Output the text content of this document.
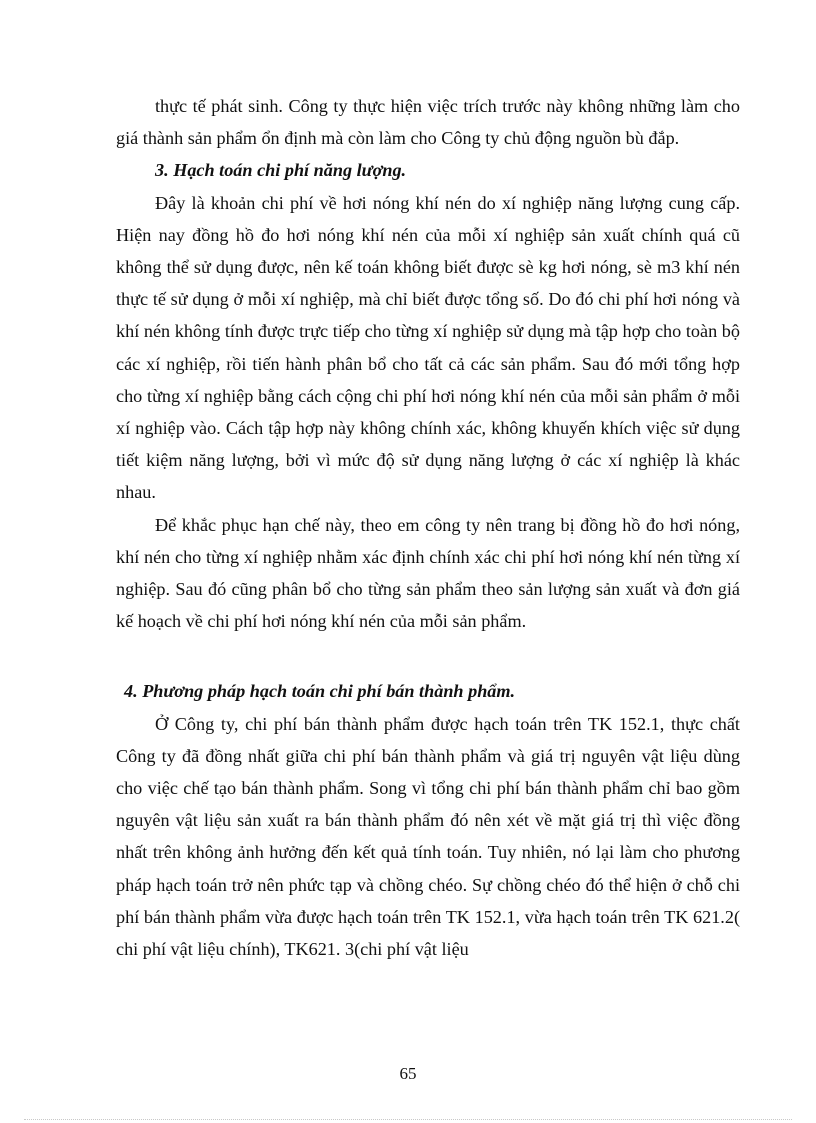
thực tế phát sinh. Công ty thực hiện việc trích trước này không những làm cho giá thành sản phẩm ổn định mà còn làm cho Công ty chủ động nguồn bù đắp.

3. Hạch toán chi phí năng lượng.

Đây là khoản chi phí về hơi nóng khí nén do xí nghiệp năng lượng cung cấp. Hiện nay đồng hồ đo hơi nóng khí nén của mỗi xí nghiệp sản xuất chính quá cũ không thể sử dụng được, nên kế toán không biết được sè kg hơi nóng, sè m3 khí nén thực tế sử dụng ở mỗi xí nghiệp, mà chỉ biết được tổng số. Do đó chi phí hơi nóng và khí nén không tính được trực tiếp cho từng xí nghiệp sử dụng mà tập hợp cho toàn bộ các xí nghiệp, rồi tiến hành phân bổ cho tất cả các sản phẩm. Sau đó mới tổng hợp cho từng xí nghiệp bằng cách cộng chi phí hơi nóng khí nén của mỗi sản phẩm ở mỗi xí nghiệp vào. Cách tập hợp này không chính xác, không khuyến khích việc sử dụng tiết kiệm năng lượng, bởi vì mức độ sử dụng năng lượng ở các xí nghiệp là khác nhau.

Để khắc phục hạn chế này, theo em công ty nên trang bị đồng hồ đo hơi nóng, khí nén cho từng xí nghiệp nhằm xác định chính xác chi phí hơi nóng khí nén từng xí nghiệp. Sau đó cũng phân bổ cho từng sản phẩm theo sản lượng sản xuất và đơn giá kế hoạch về chi phí hơi nóng khí nén của mỗi sản phẩm.

4. Phương pháp hạch toán chi phí bán thành phẩm.

Ở Công ty, chi phí bán thành phẩm được hạch toán trên TK 152.1, thực chất Công ty đã đồng nhất giữa chi phí bán thành phẩm và giá trị nguyên vật liệu dùng cho việc chế tạo bán thành phẩm. Song vì tổng chi phí bán thành phẩm chỉ bao gồm nguyên vật liệu sản xuất ra bán thành phẩm đó nên xét về mặt giá trị thì việc đồng nhất trên không ảnh hưởng đến kết quả tính toán. Tuy nhiên, nó lại làm cho phương pháp hạch toán trở nên phức tạp và chồng chéo. Sự chồng chéo đó thể hiện ở chỗ chi phí bán thành phẩm vừa được hạch toán trên TK 152.1, vừa hạch toán trên TK 621.2( chi phí vật liệu chính), TK621. 3(chi phí vật liệu

65
